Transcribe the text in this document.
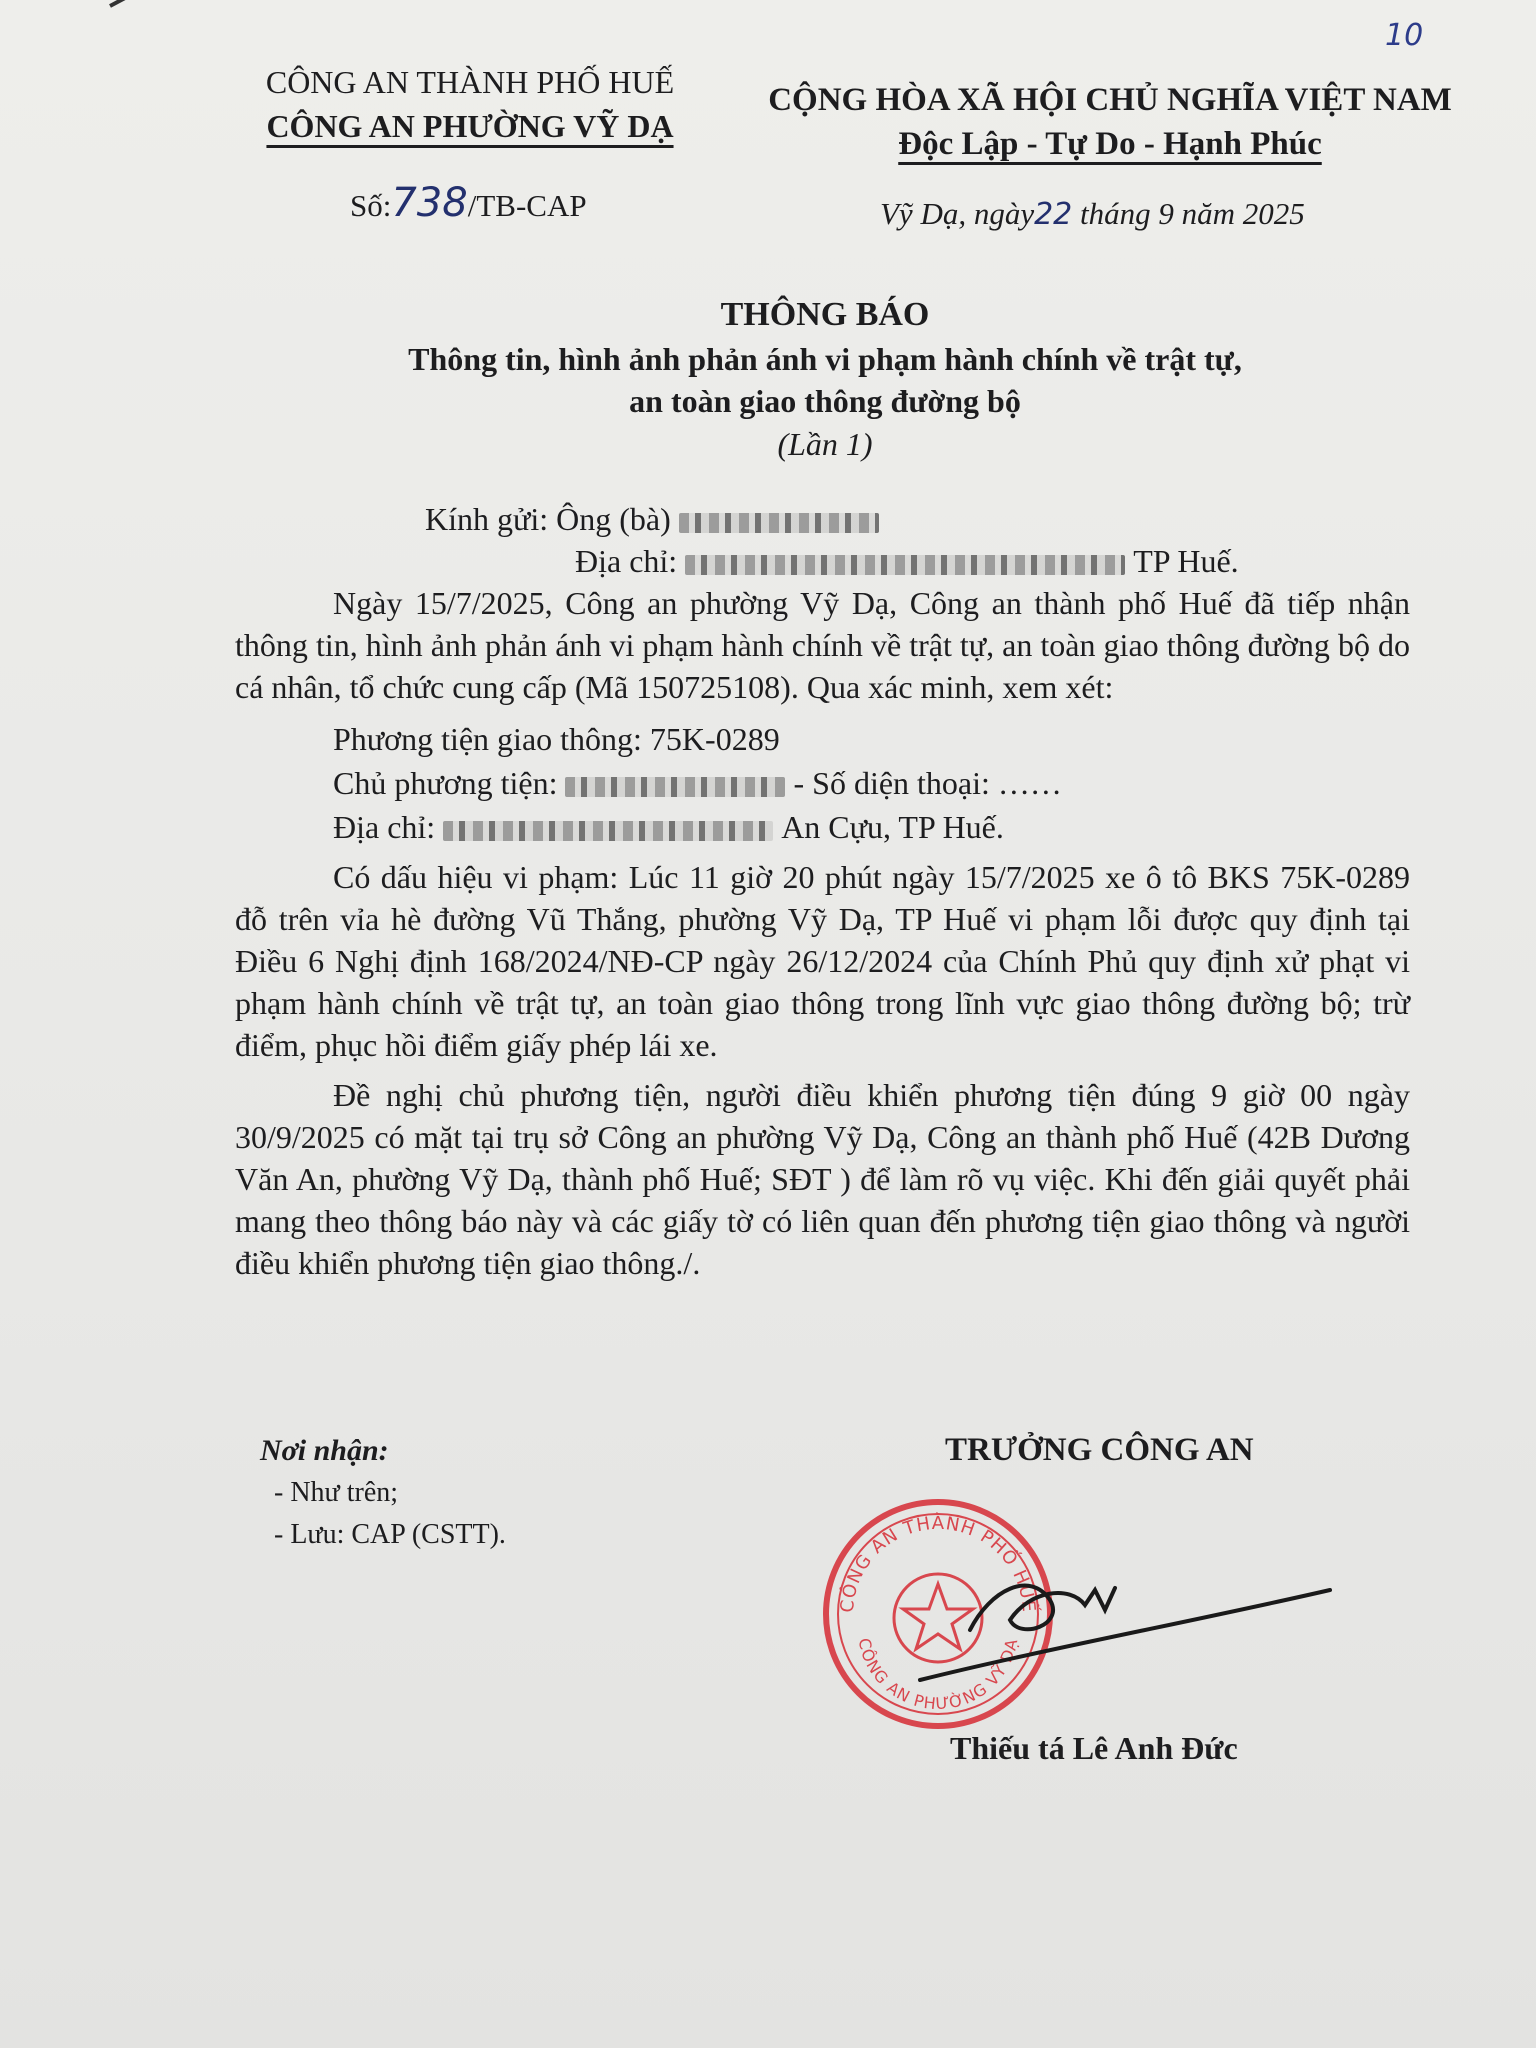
10
CÔNG AN THÀNH PHỐ HUẾ
CÔNG AN PHƯỜNG VỸ DẠ
Số:738/TB-CAP
CỘNG HÒA XÃ HỘI CHỦ NGHĨA VIỆT NAM
Độc Lập - Tự Do - Hạnh Phúc
Vỹ Dạ, ngày22 tháng 9 năm 2025
THÔNG BÁO
Thông tin, hình ảnh phản ánh vi phạm hành chính về trật tự,
an toàn giao thông đường bộ
(Lần 1)

Kính gửi: Ông (bà)

Địa chỉ:	TP Huế.

Ngày 15/7/2025, Công an phường Vỹ Dạ, Công an thành phố Huế đã tiếp nhận thông tin, hình ảnh phản ánh vi phạm hành chính về trật tự, an toàn giao thông đường bộ do cá nhân, tổ chức cung cấp (Mã 150725108). Qua xác minh, xem xét:

Phương tiện giao thông: 75K-0289

Chủ phương tiện:	- Số diện thoại: ……

Địa chỉ:	An Cựu, TP Huế.

Có dấu hiệu vi phạm: Lúc 11 giờ 20 phút ngày 15/7/2025 xe ô tô BKS 75K-0289 đỗ trên vỉa hè đường Vũ Thắng, phường Vỹ Dạ, TP Huế vi phạm lỗi được quy định tại Điều 6 Nghị định 168/2024/NĐ-CP ngày 26/12/2024 của Chính Phủ quy định xử phạt vi phạm hành chính về trật tự, an toàn giao thông trong lĩnh vực giao thông đường bộ; trừ điểm, phục hồi điểm giấy phép lái xe.

Đề nghị chủ phương tiện, người điều khiển phương tiện đúng 9 giờ 00 ngày 30/9/2025 có mặt tại trụ sở Công an phường Vỹ Dạ, Công an thành phố Huế (42B Dương Văn An, phường Vỹ Dạ, thành phố Huế; SĐT ) để làm rõ vụ việc. Khi đến giải quyết phải mang theo thông báo này và các giấy tờ có liên quan đến phương tiện giao thông và người điều khiển phương tiện giao thông./.

Nơi nhận:
- Như trên;
- Lưu: CAP (CSTT).
TRƯỞNG CÔNG AN
CÔNG AN THÀNH PHỐ HUẾ
CÔNG AN PHƯỜNG VỸ DẠ
Thiếu tá Lê Anh Đức
